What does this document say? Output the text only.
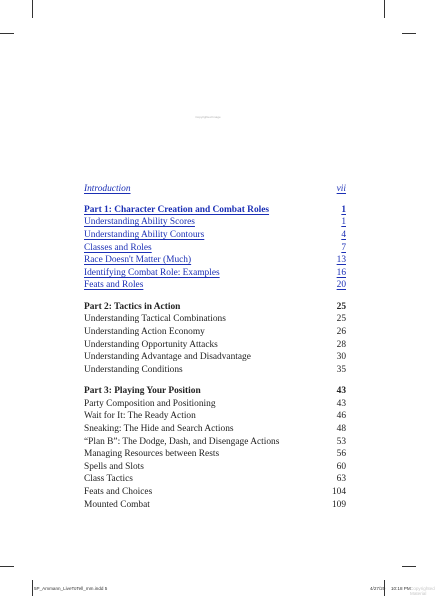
Copyrighted Image
Introduction	vii
Part 1: Character Creation and Combat Roles	1
Understanding Ability Scores	1
Understanding Ability Contours	4
Classes and Roles	7
Race Doesn't Matter (Much)	13
Identifying Combat Role: Examples	16
Feats and Roles	20
Part 2: Tactics in Action	25
Understanding Tactical Combinations	25
Understanding Action Economy	26
Understanding Opportunity Attacks	28
Understanding Advantage and Disadvantage	30
Understanding Conditions	35
Part 3: Playing Your Position	43
Party Composition and Positioning	43
Wait for It: The Ready Action	46
Sneaking: The Hide and Search Actions	48
“Plan B”: The Dodge, Dash, and Disengage Actions	53
Managing Resources between Rests	56
Spells and Slots	60
Class Tactics	63
Feats and Choices	104
Mounted Combat	109
5P_Ammann_LiveToTell_mm.indd 5	4/27/20 10:18 PM Copyrighted Material
